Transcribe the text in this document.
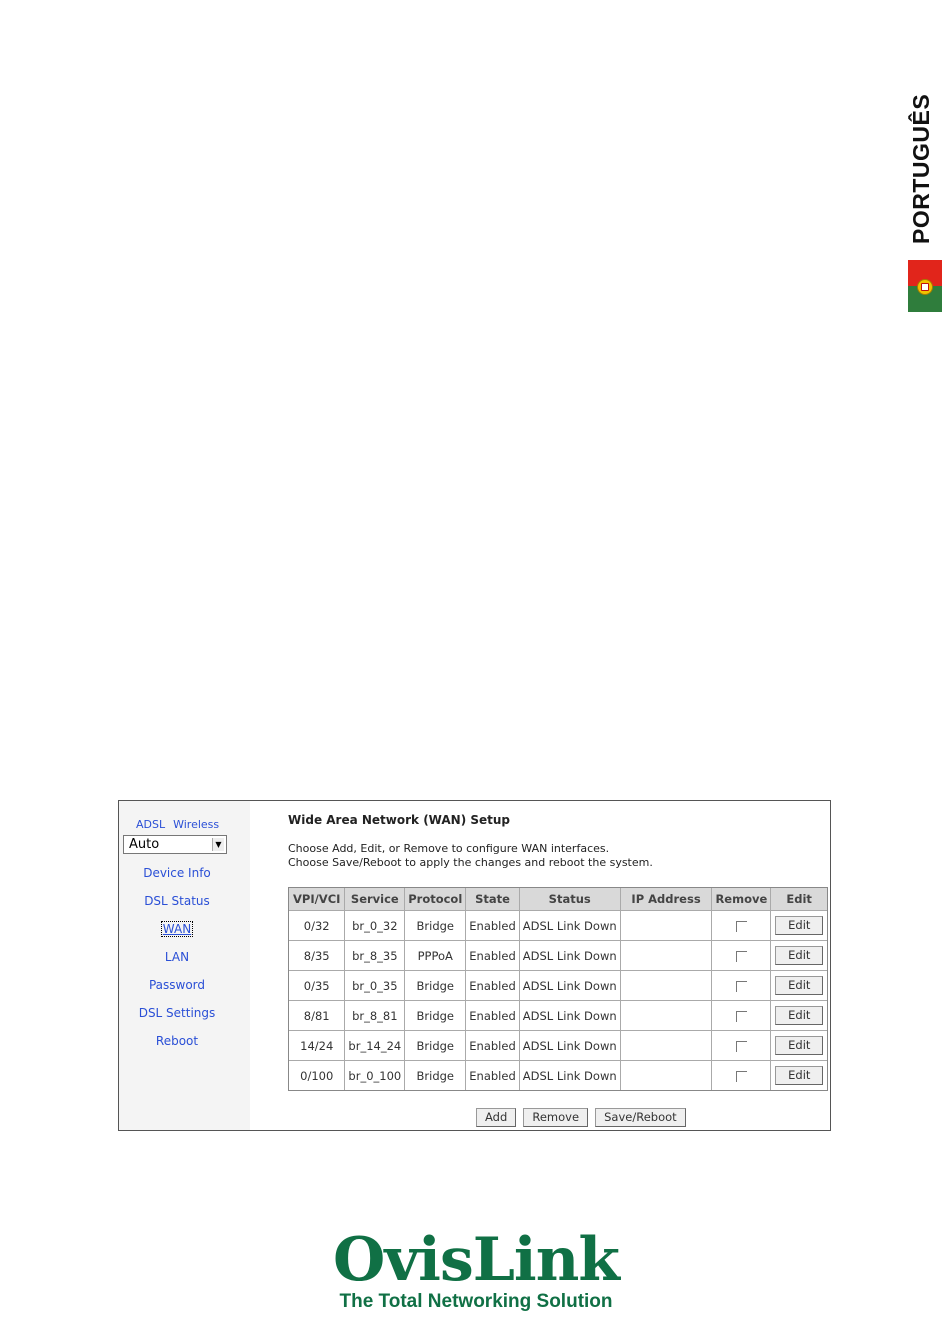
PORTUGUÊS
ADSL Wireless
Auto	▼
Device Info
DSL Status
WAN
LAN
Password
DSL Settings
Reboot
Wide Area Network (WAN) Setup
Choose Add, Edit, or Remove to configure WAN interfaces.
Choose Save/Reboot to apply the changes and reboot the system.
VPI/VCI	Service	Protocol	State	Status	IP Address	Remove	Edit
0/32	br_0_32	Bridge	Enabled	ADSL Link Down			Edit
8/35	br_8_35	PPPoA	Enabled	ADSL Link Down			Edit
0/35	br_0_35	Bridge	Enabled	ADSL Link Down			Edit
8/81	br_8_81	Bridge	Enabled	ADSL Link Down			Edit
14/24	br_14_24	Bridge	Enabled	ADSL Link Down			Edit
0/100	br_0_100	Bridge	Enabled	ADSL Link Down			Edit
Add Remove Save/Reboot
OvisLink
The Total Networking Solution
